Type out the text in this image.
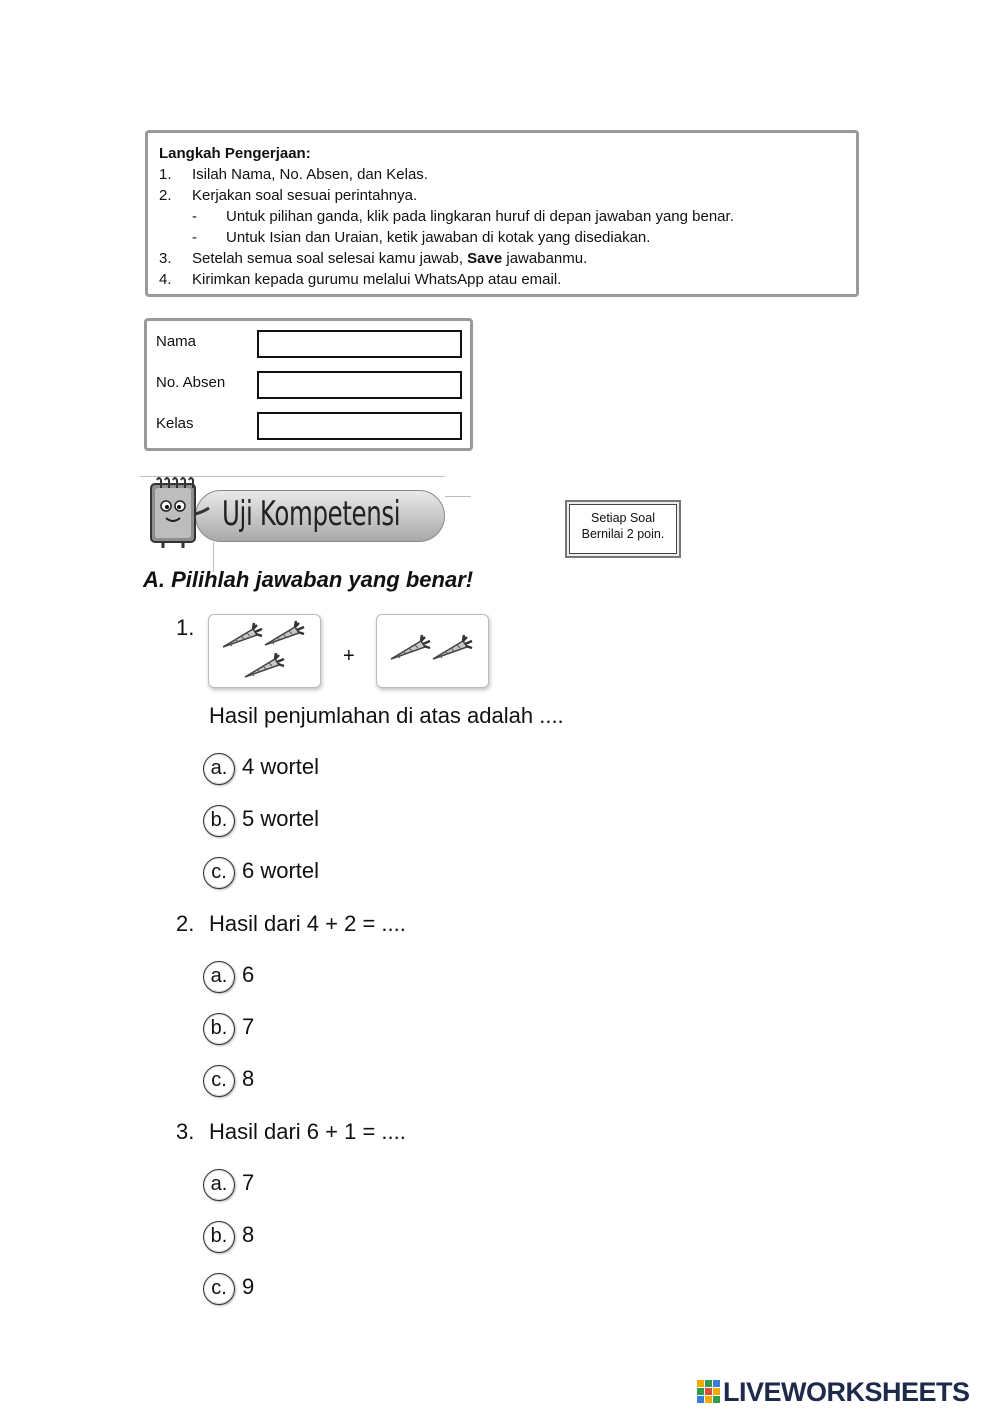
Langkah Pengerjaan:
1. Isilah Nama, No. Absen, dan Kelas.
2. Kerjakan soal sesuai perintahnya.
- Untuk pilihan ganda, klik pada lingkaran huruf di depan jawaban yang benar.
- Untuk Isian dan Uraian, ketik jawaban di kotak yang disediakan.
3. Setelah semua soal selesai kamu jawab, Save jawabanmu.
4. Kirimkan kepada gurumu melalui WhatsApp atau email.
Nama
No. Absen
Kelas
Uji Kompetensi	Setiap Soal
Bernilai 2 poin.
A. Pilihlah jawaban yang benar!
1.
+
Hasil penjumlahan di atas adalah ....
a. 4 wortel
b. 5 wortel
c. 6 wortel
2. Hasil dari 4 + 2 = ....
a. 6
b. 7
c. 8
3. Hasil dari 6 + 1 = ....
a. 7
b. 8
c. 9
LIVEWORKSHEETS
